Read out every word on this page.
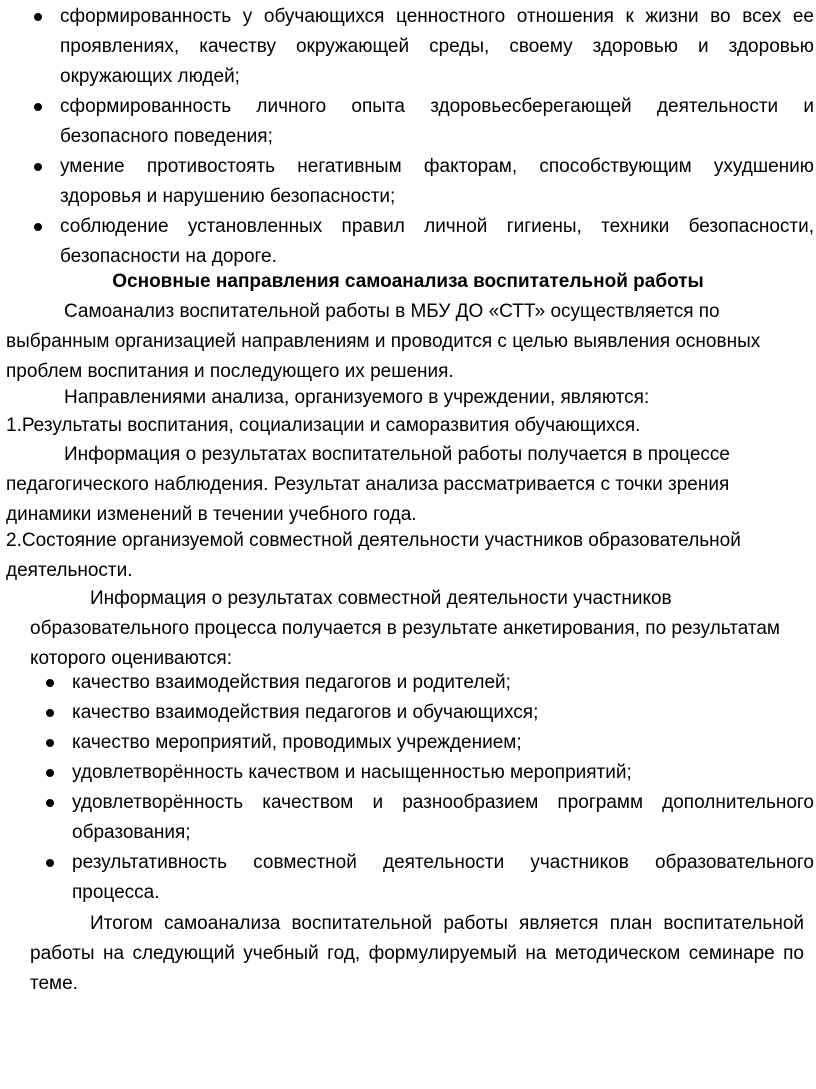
сформированность у обучающихся ценностного отношения к жизни во всех ее проявлениях, качеству окружающей среды, своему здоровью и здоровью окружающих людей;
сформированность личного опыта здоровьесберегающей деятельности и безопасного поведения;
умение противостоять негативным факторам, способствующим ухудшению здоровья и нарушению безопасности;
соблюдение установленных правил личной гигиены, техники безопасности, безопасности на дороге.
Основные направления самоанализа воспитательной работы

Самоанализ воспитательной работы в МБУ ДО «СТТ» осуществляется по выбранным организацией направлениям и проводится с целью выявления основных проблем воспитания и последующего их решения.

Направлениями анализа, организуемого в учреждении, являются:

1.Результаты воспитания, социализации и саморазвития обучающихся.

Информация о результатах воспитательной работы получается в процессе педагогического наблюдения. Результат анализа рассматривается с точки зрения динамики изменений в течении учебного года.

2.Состояние организуемой совместной деятельности участников образовательной деятельности.

Информация о результатах совместной деятельности участников образовательного процесса получается в результате анкетирования, по результатам которого оцениваются:

качество взаимодействия педагогов и родителей;
качество взаимодействия педагогов и обучающихся;
качество мероприятий, проводимых учреждением;
удовлетворённость качеством и насыщенностью мероприятий;
удовлетворённость качеством и разнообразием программ дополнительного образования;
результативность совместной деятельности участников образовательного процесса.

Итогом самоанализа воспитательной работы является план воспитательной работы на следующий учебный год, формулируемый на методическом семинаре по теме.
